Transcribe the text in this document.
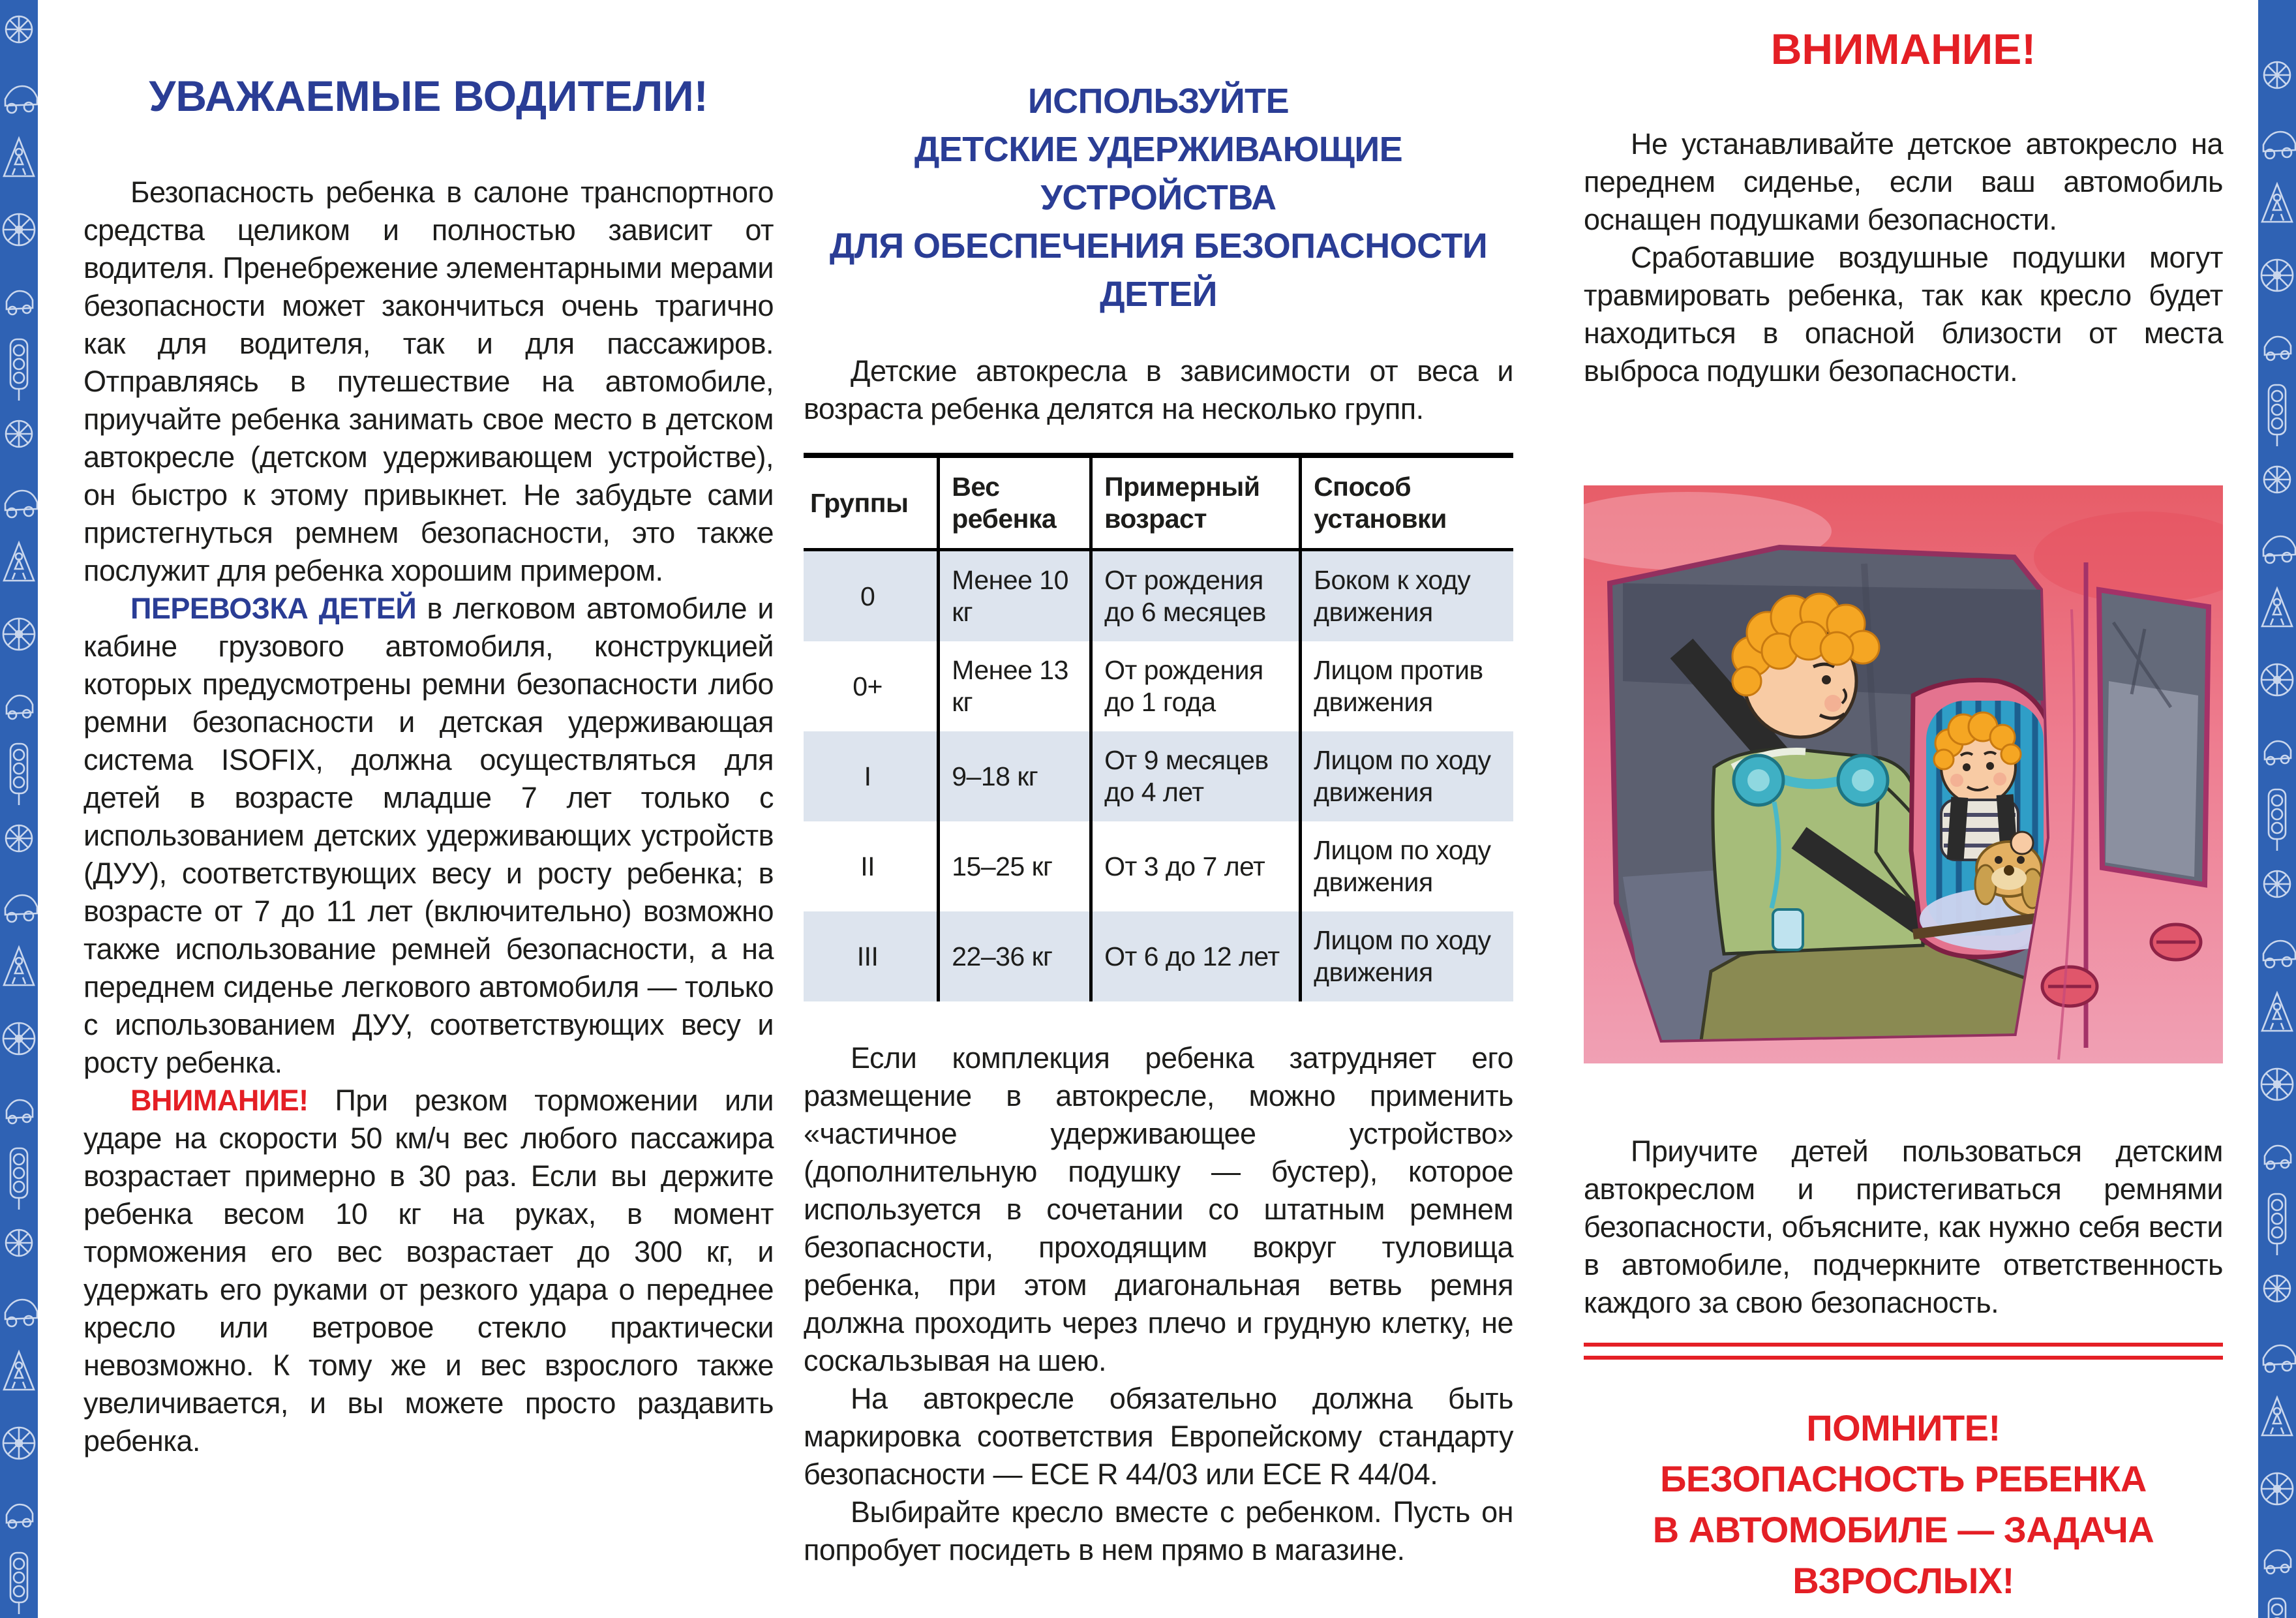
УВАЖАЕМЫЕ ВОДИТЕЛИ!

Безопасность ребенка в салоне транспортного средства целиком и полностью зависит от водителя. Пренебрежение элементарными мерами безопасности может закончиться очень трагично как для водителя, так и для пассажиров. Отправляясь в путешествие на автомобиле, приучайте ребенка занимать свое место в детском автокресле (детском удерживающем устройстве), он быстро к этому привыкнет. Не забудьте сами пристегнуться ремнем безопасности, это также послужит для ребенка хорошим примером.

ПЕРЕВОЗКА ДЕТЕЙ в легковом автомобиле и кабине грузового автомобиля, конструкцией которых предусмотрены ремни безопасности либо ремни безопасности и детская удерживающая система ISOFIX, должна осуществляться для детей в возрасте младше 7 лет только с использованием детских удерживающих устройств (ДУУ), соответствующих весу и росту ребенка; в возрасте от 7 до 11 лет (включительно) возможно также использование ремней безопасности, а на переднем сиденье легкового автомобиля — только с использованием ДУУ, соответствующих весу и росту ребенка.

ВНИМАНИЕ! При резком торможении или ударе на скорости 50 км/ч вес любого пассажира возрастает примерно в 30 раз. Если вы держите ребенка весом 10 кг на руках, в момент торможения его вес возрастает до 300 кг, и удержать его руками от резкого удара о переднее кресло или ветровое стекло практически невозможно. К тому же и вес взрослого также увеличивается, и вы можете просто раздавить ребенка.

ИСПОЛЬЗУЙТЕ
ДЕТСКИЕ УДЕРЖИВАЮЩИЕ УСТРОЙСТВА
ДЛЯ ОБЕСПЕЧЕНИЯ БЕЗОПАСНОСТИ ДЕТЕЙ

Детские автокресла в зависимости от веса и возраста ребенка делятся на несколько групп.

Группы	Вес ребенка	Примерный возраст	Способ установки
0	Менее 10 кг	От рождения до 6 месяцев	Боком к ходу движения
0+	Менее 13 кг	От рождения до 1 года	Лицом против движения
I	9–18 кг	От 9 месяцев до 4 лет	Лицом по ходу движения
II	15–25 кг	От 3 до 7 лет	Лицом по ходу движения
III	22–36 кг	От 6 до 12 лет	Лицом по ходу движения

Если комплекция ребенка затрудняет его размещение в автокресле, можно применить «частичное удерживающее устройство» (дополнительную подушку — бустер), которое используется в сочетании со штатным ремнем безопасности, проходящим вокруг туловища ребенка, при этом диагональная ветвь ремня должна проходить через плечо и грудную клетку, не соскальзывая на шею.

На автокресле обязательно должна быть маркировка соответствия Европейскому стандарту безопасности — ECE R 44/03 или ECE R 44/04.

Выбирайте кресло вместе с ребенком. Пусть он попробует посидеть в нем прямо в магазине.

ВНИМАНИЕ!

Не устанавливайте детское автокресло на переднем сиденье, если ваш автомобиль оснащен подушками безопасности.

Сработавшие воздушные подушки могут травмировать ребенка, так как кресло будет находиться в опасной близости от места выброса подушки безопасности.

Приучите детей пользоваться детским автокреслом и пристегиваться ремнями безопасности, объясните, как нужно себя вести в автомобиле, подчеркните ответственность каждого за свою безопасность.

ПОМНИТЕ!
БЕЗОПАСНОСТЬ РЕБЕНКА
В АВТОМОБИЛЕ — ЗАДАЧА ВЗРОСЛЫХ!
